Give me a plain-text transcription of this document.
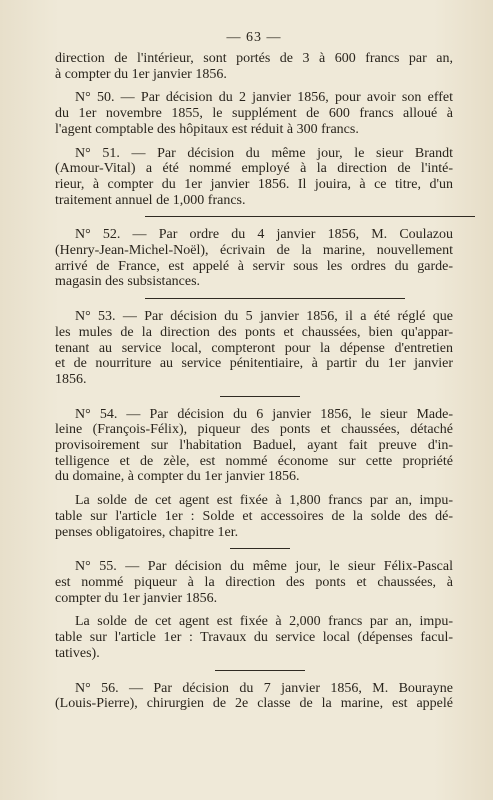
— 63 —
direction de l'intérieur, sont portés de 3 à 600 francs par an,
à compter du 1er janvier 1856.
N° 50. — Par décision du 2 janvier 1856, pour avoir son effet
du 1er novembre 1855, le supplément de 600 francs alloué à
l'agent comptable des hôpitaux est réduit à 300 francs.
N° 51. — Par décision du même jour, le sieur Brandt
(Amour-Vital) a été nommé employé à la direction de l'inté-
rieur, à compter du 1er janvier 1856. Il jouira, à ce titre, d'un
traitement annuel de 1,000 francs.
N° 52. — Par ordre du 4 janvier 1856, M. Coulazou
(Henry-Jean-Michel-Noël), écrivain de la marine, nouvellement
arrivé de France, est appelé à servir sous les ordres du garde-
magasin des subsistances.
N° 53. — Par décision du 5 janvier 1856, il a été réglé que
les mules de la direction des ponts et chaussées, bien qu'appar-
tenant au service local, compteront pour la dépense d'entretien
et de nourriture au service pénitentiaire, à partir du 1er janvier
1856.
N° 54. — Par décision du 6 janvier 1856, le sieur Made-
leine (François-Félix), piqueur des ponts et chaussées, détaché
provisoirement sur l'habitation Baduel, ayant fait preuve d'in-
telligence et de zèle, est nommé économe sur cette propriété
du domaine, à compter du 1er janvier 1856.
La solde de cet agent est fixée à 1,800 francs par an, impu-
table sur l'article 1er : Solde et accessoires de la solde des dé-
penses obligatoires, chapitre 1er.
N° 55. — Par décision du même jour, le sieur Félix-Pascal
est nommé piqueur à la direction des ponts et chaussées, à
compter du 1er janvier 1856.
La solde de cet agent est fixée à 2,000 francs par an, impu-
table sur l'article 1er : Travaux du service local (dépenses facul-
tatives).
N° 56. — Par décision du 7 janvier 1856, M. Bourayne
(Louis-Pierre), chirurgien de 2e classe de la marine, est appelé
